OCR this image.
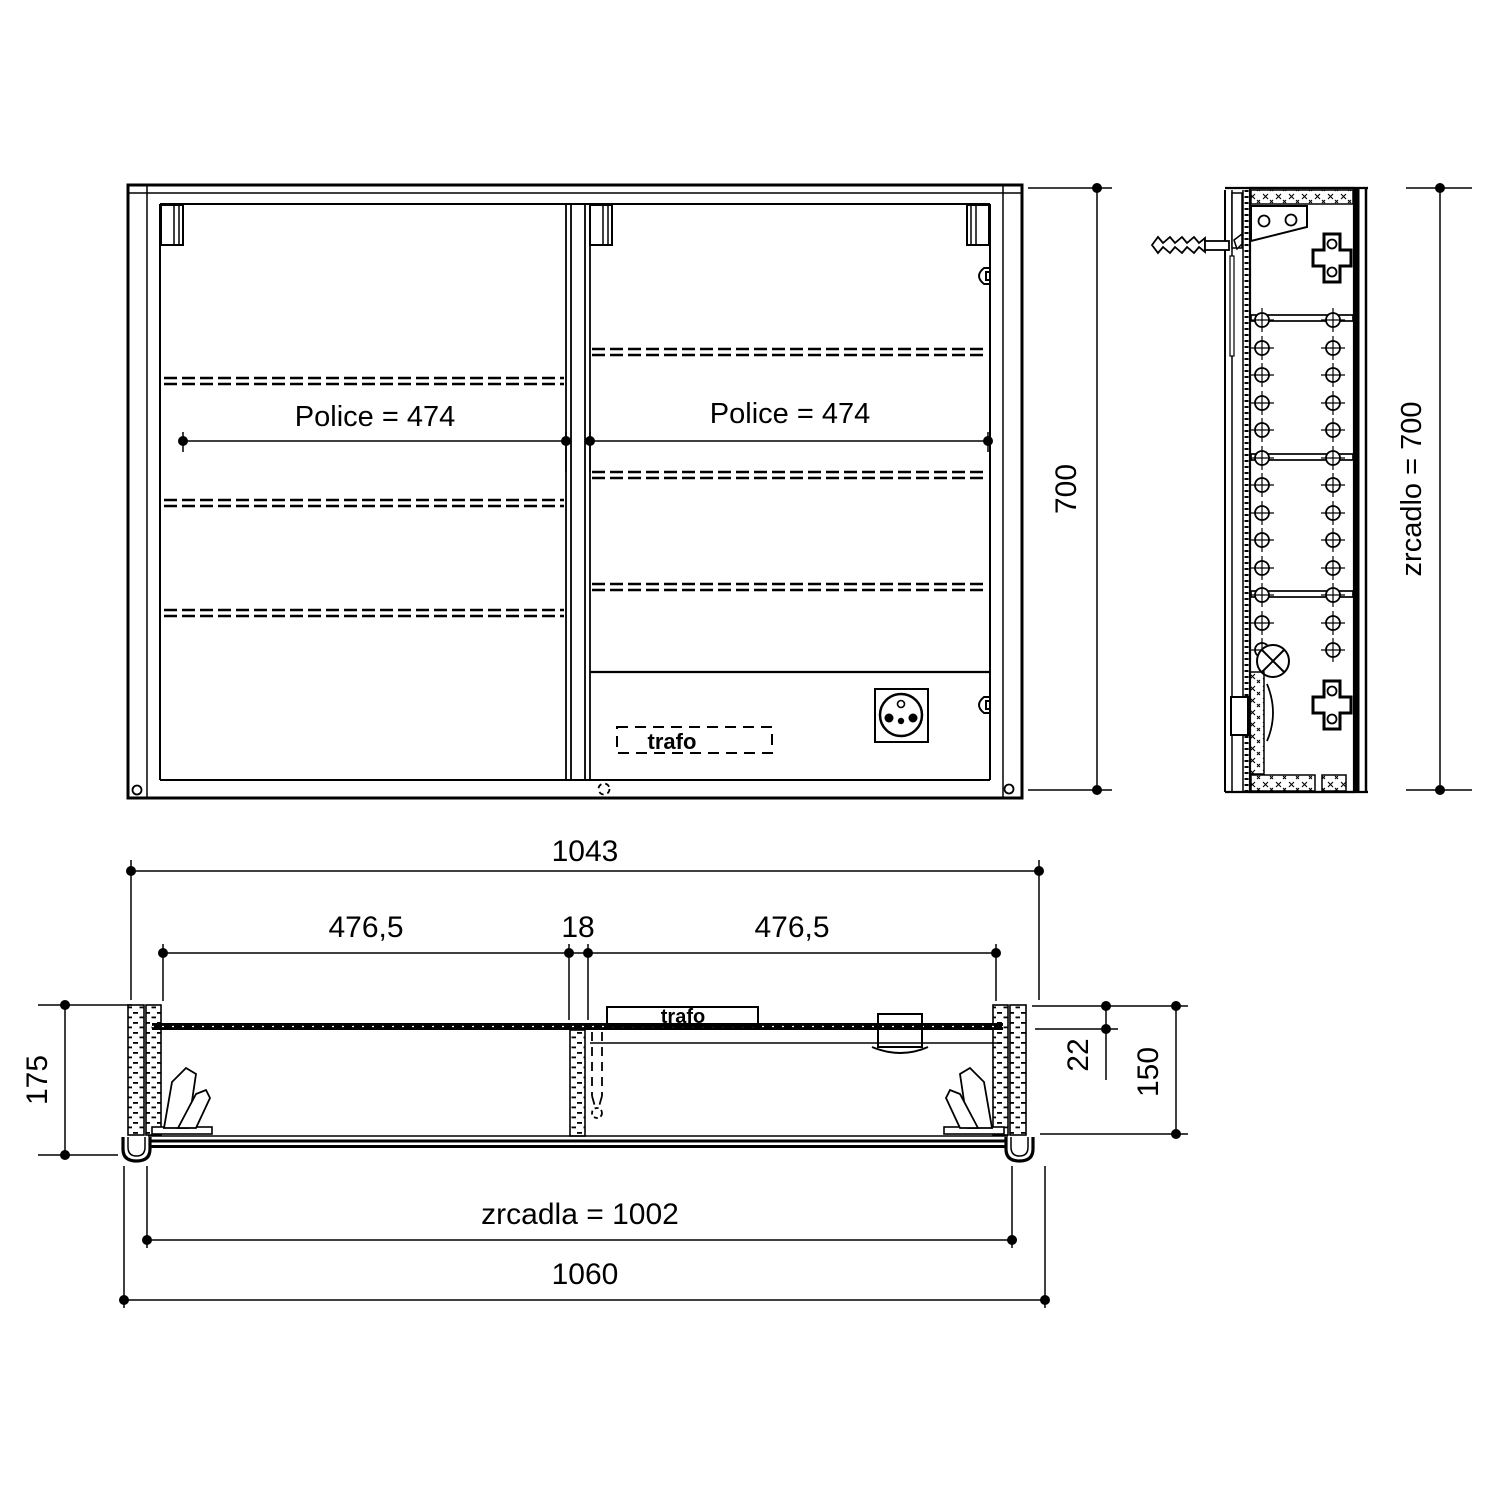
Police = 474	Police = 474
trafo
700	zrcadlo = 700
1043
476,5	18	476,5
trafo
175	22 150
zrcadla = 1002
1060
